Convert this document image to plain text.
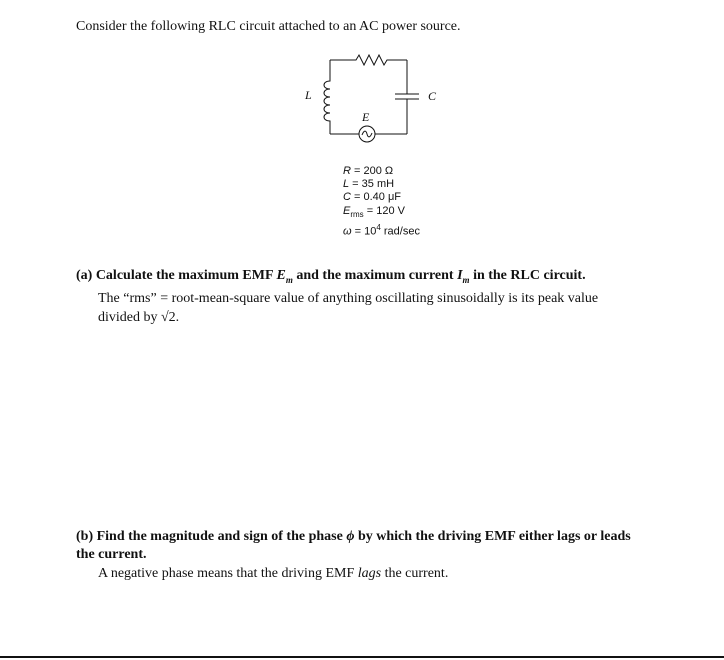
Consider the following RLC circuit attached to an AC power source.
L	C
E
R = 200 Ω
L = 35 mH
C = 0.40 μF
$E_{rms} = 120$ V
$\omega = 10^4$ rad/sec
(a) Calculate the maximum EMF $E_m$ and the maximum current $I_m$ in the RLC circuit.
The “rms” = root-mean-square value of anything oscillating sinusoidally is its peak value divided by √2.
(b) Find the magnitude and sign of the phase ϕ by which the driving EMF either lags or leads the current.
A negative phase means that the driving EMF lags the current.
